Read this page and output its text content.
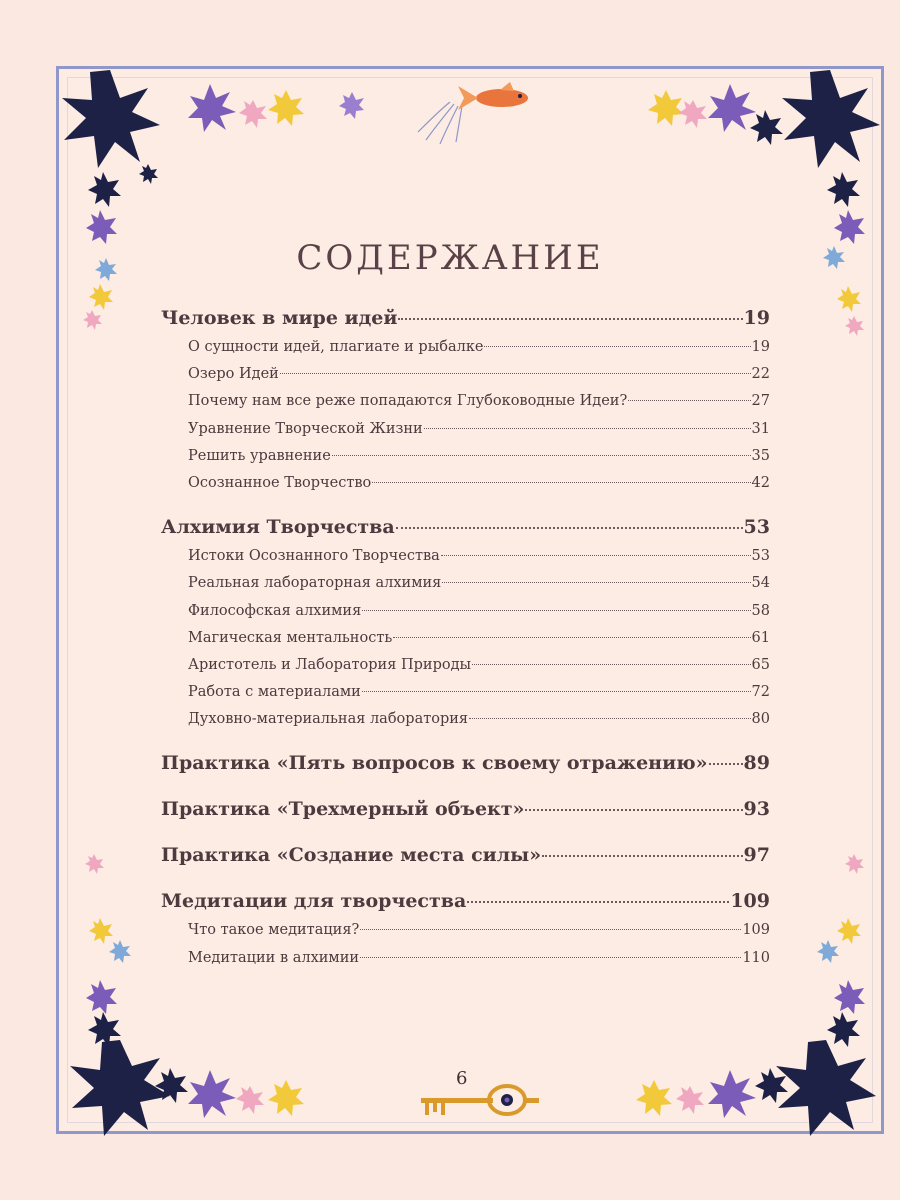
СОДЕРЖАНИЕ
Человек в мире идей	19
О сущности идей, плагиате и рыбалке	19
Озеро Идей	22
Почему нам все реже попадаются Глубоководные Идеи?	27
Уравнение Творческой Жизни	31
Решить уравнение	35
Осознанное Творчество	42
Алхимия Творчества	53
Истоки Осознанного Творчества	53
Реальная лабораторная алхимия	54
Философская алхимия	58
Магическая ментальность	61
Аристотель и Лаборатория Природы	65
Работа с материалами	72
Духовно-материальная лаборатория	80
Практика «Пять вопросов к своему отражению» 89
Практика «Трехмерный объект»	93
Практика «Создание места силы»	97
Медитации для творчества	109
Что такое медитация?	109
Медитации в алхимии	110
6
